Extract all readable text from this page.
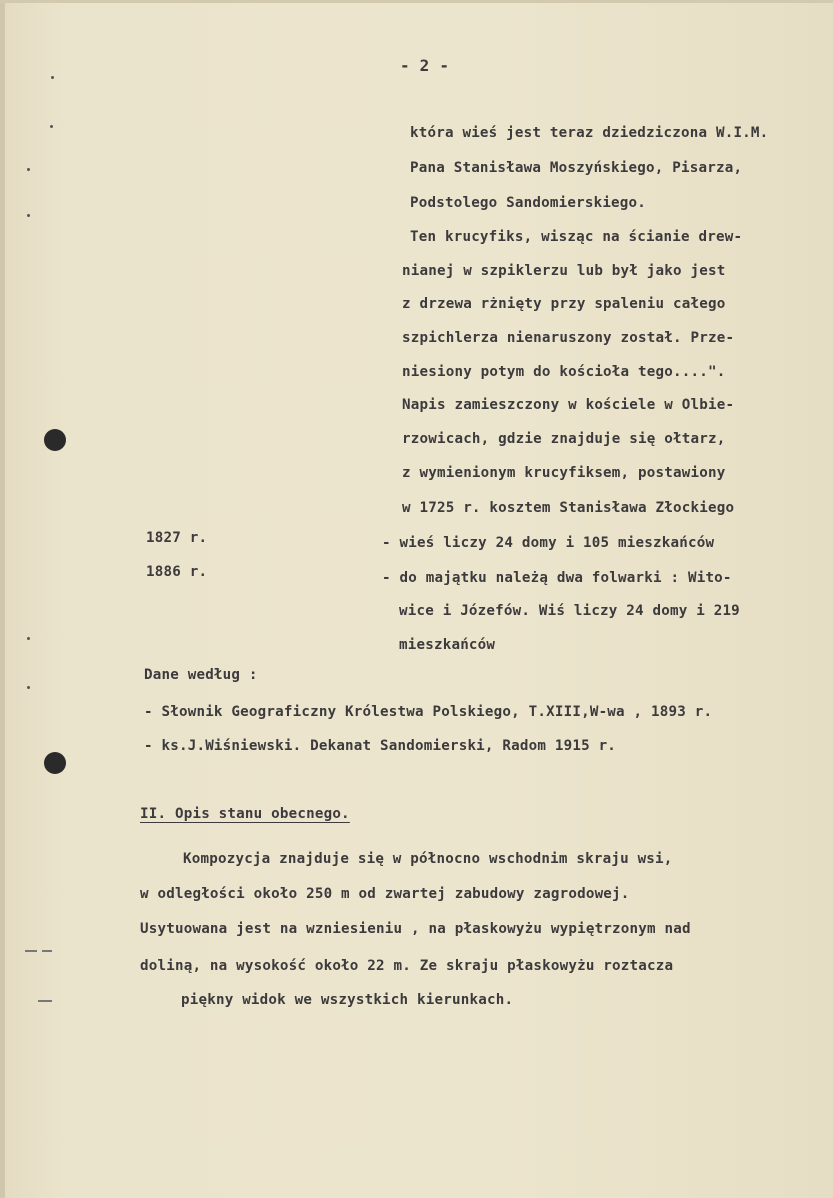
- 2 -
która wieś jest teraz dziedziczona W.I.M.
Pana Stanisława Moszyńskiego, Pisarza,
Podstolego Sandomierskiego.
Ten krucyfiks, wisząc na ścianie drew-
nianej w szpiklerzu lub był jako jest
z drzewa rżnięty przy spaleniu całego
szpichlerza nienaruszony został. Prze-
niesiony potym do kościoła tego....".
Napis zamieszczony w kościele w Olbie-
rzowicach, gdzie znajduje się ołtarz,
z wymienionym krucyfiksem, postawiony
w 1725 r. kosztem Stanisława Złockiego
1827 r.	- wieś liczy 24 domy i 105 mieszkańców
1886 r.	- do majątku należą dwa folwarki : Wito-
wice i Józefów. Wiś liczy 24 domy i 219
mieszkańców
Dane według :
- Słownik Geograficzny Królestwa Polskiego, T.XIII,W-wa , 1893 r.
- ks.J.Wiśniewski. Dekanat Sandomierski, Radom 1915 r.
II. Opis stanu obecnego.
Kompozycja znajduje się w północno wschodnim skraju wsi,
w odległości około 250 m od zwartej zabudowy zagrodowej.
Usytuowana jest na wzniesieniu , na płaskowyżu wypiętrzonym nad
doliną, na wysokość około 22 m. Ze skraju płaskowyżu roztacza
piękny widok we wszystkich kierunkach.
